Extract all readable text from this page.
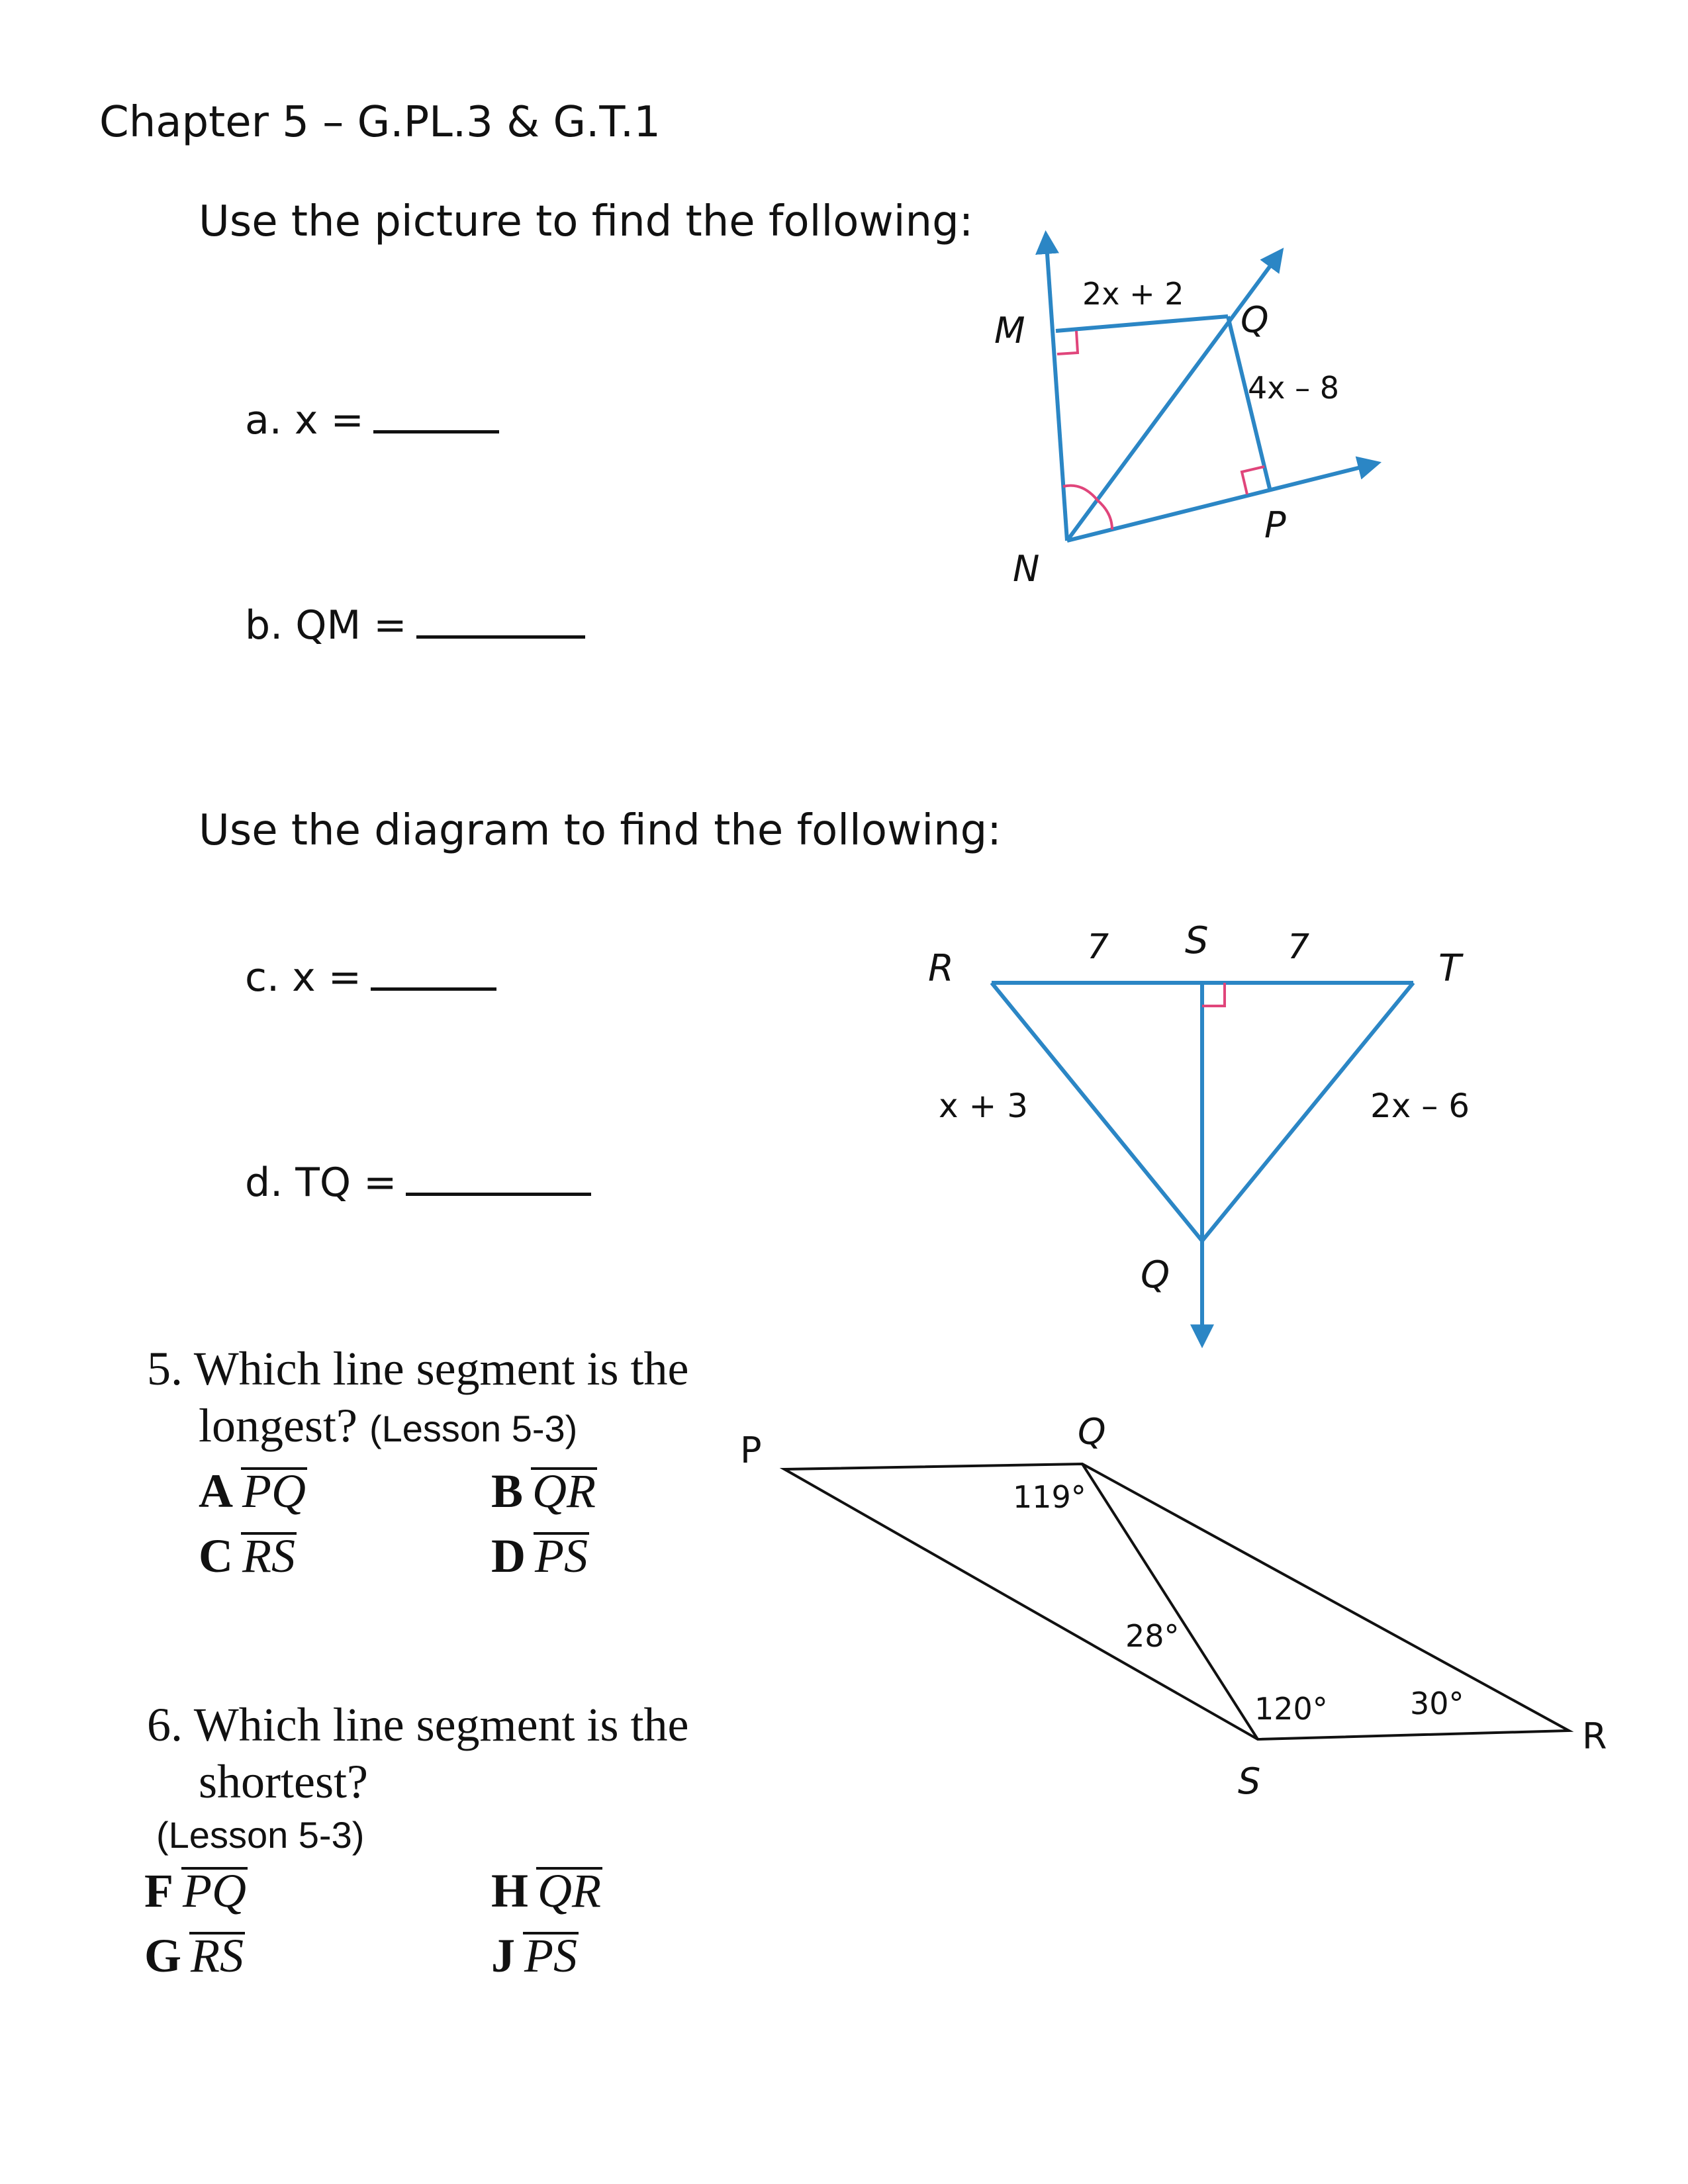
Chapter 5 – G.PL.3 & G.T.1
Use the picture to find the following:
a. x =
b. QM =
M
N
Q
P
2x + 2
4x – 8
Use the diagram to find the following:
c. x =
d. TQ =
R
S
T
Q
7	7
x + 3	2x – 6
5. Which line segment is the
longest? (Lesson 5-3)
A PQ	B QR
C RS	D PS
P	Q
R
S
119°
28°
120°	30°
6. Which line segment is the
shortest?
(Lesson 5-3)
F PQ	H QR
G RS	J PS
